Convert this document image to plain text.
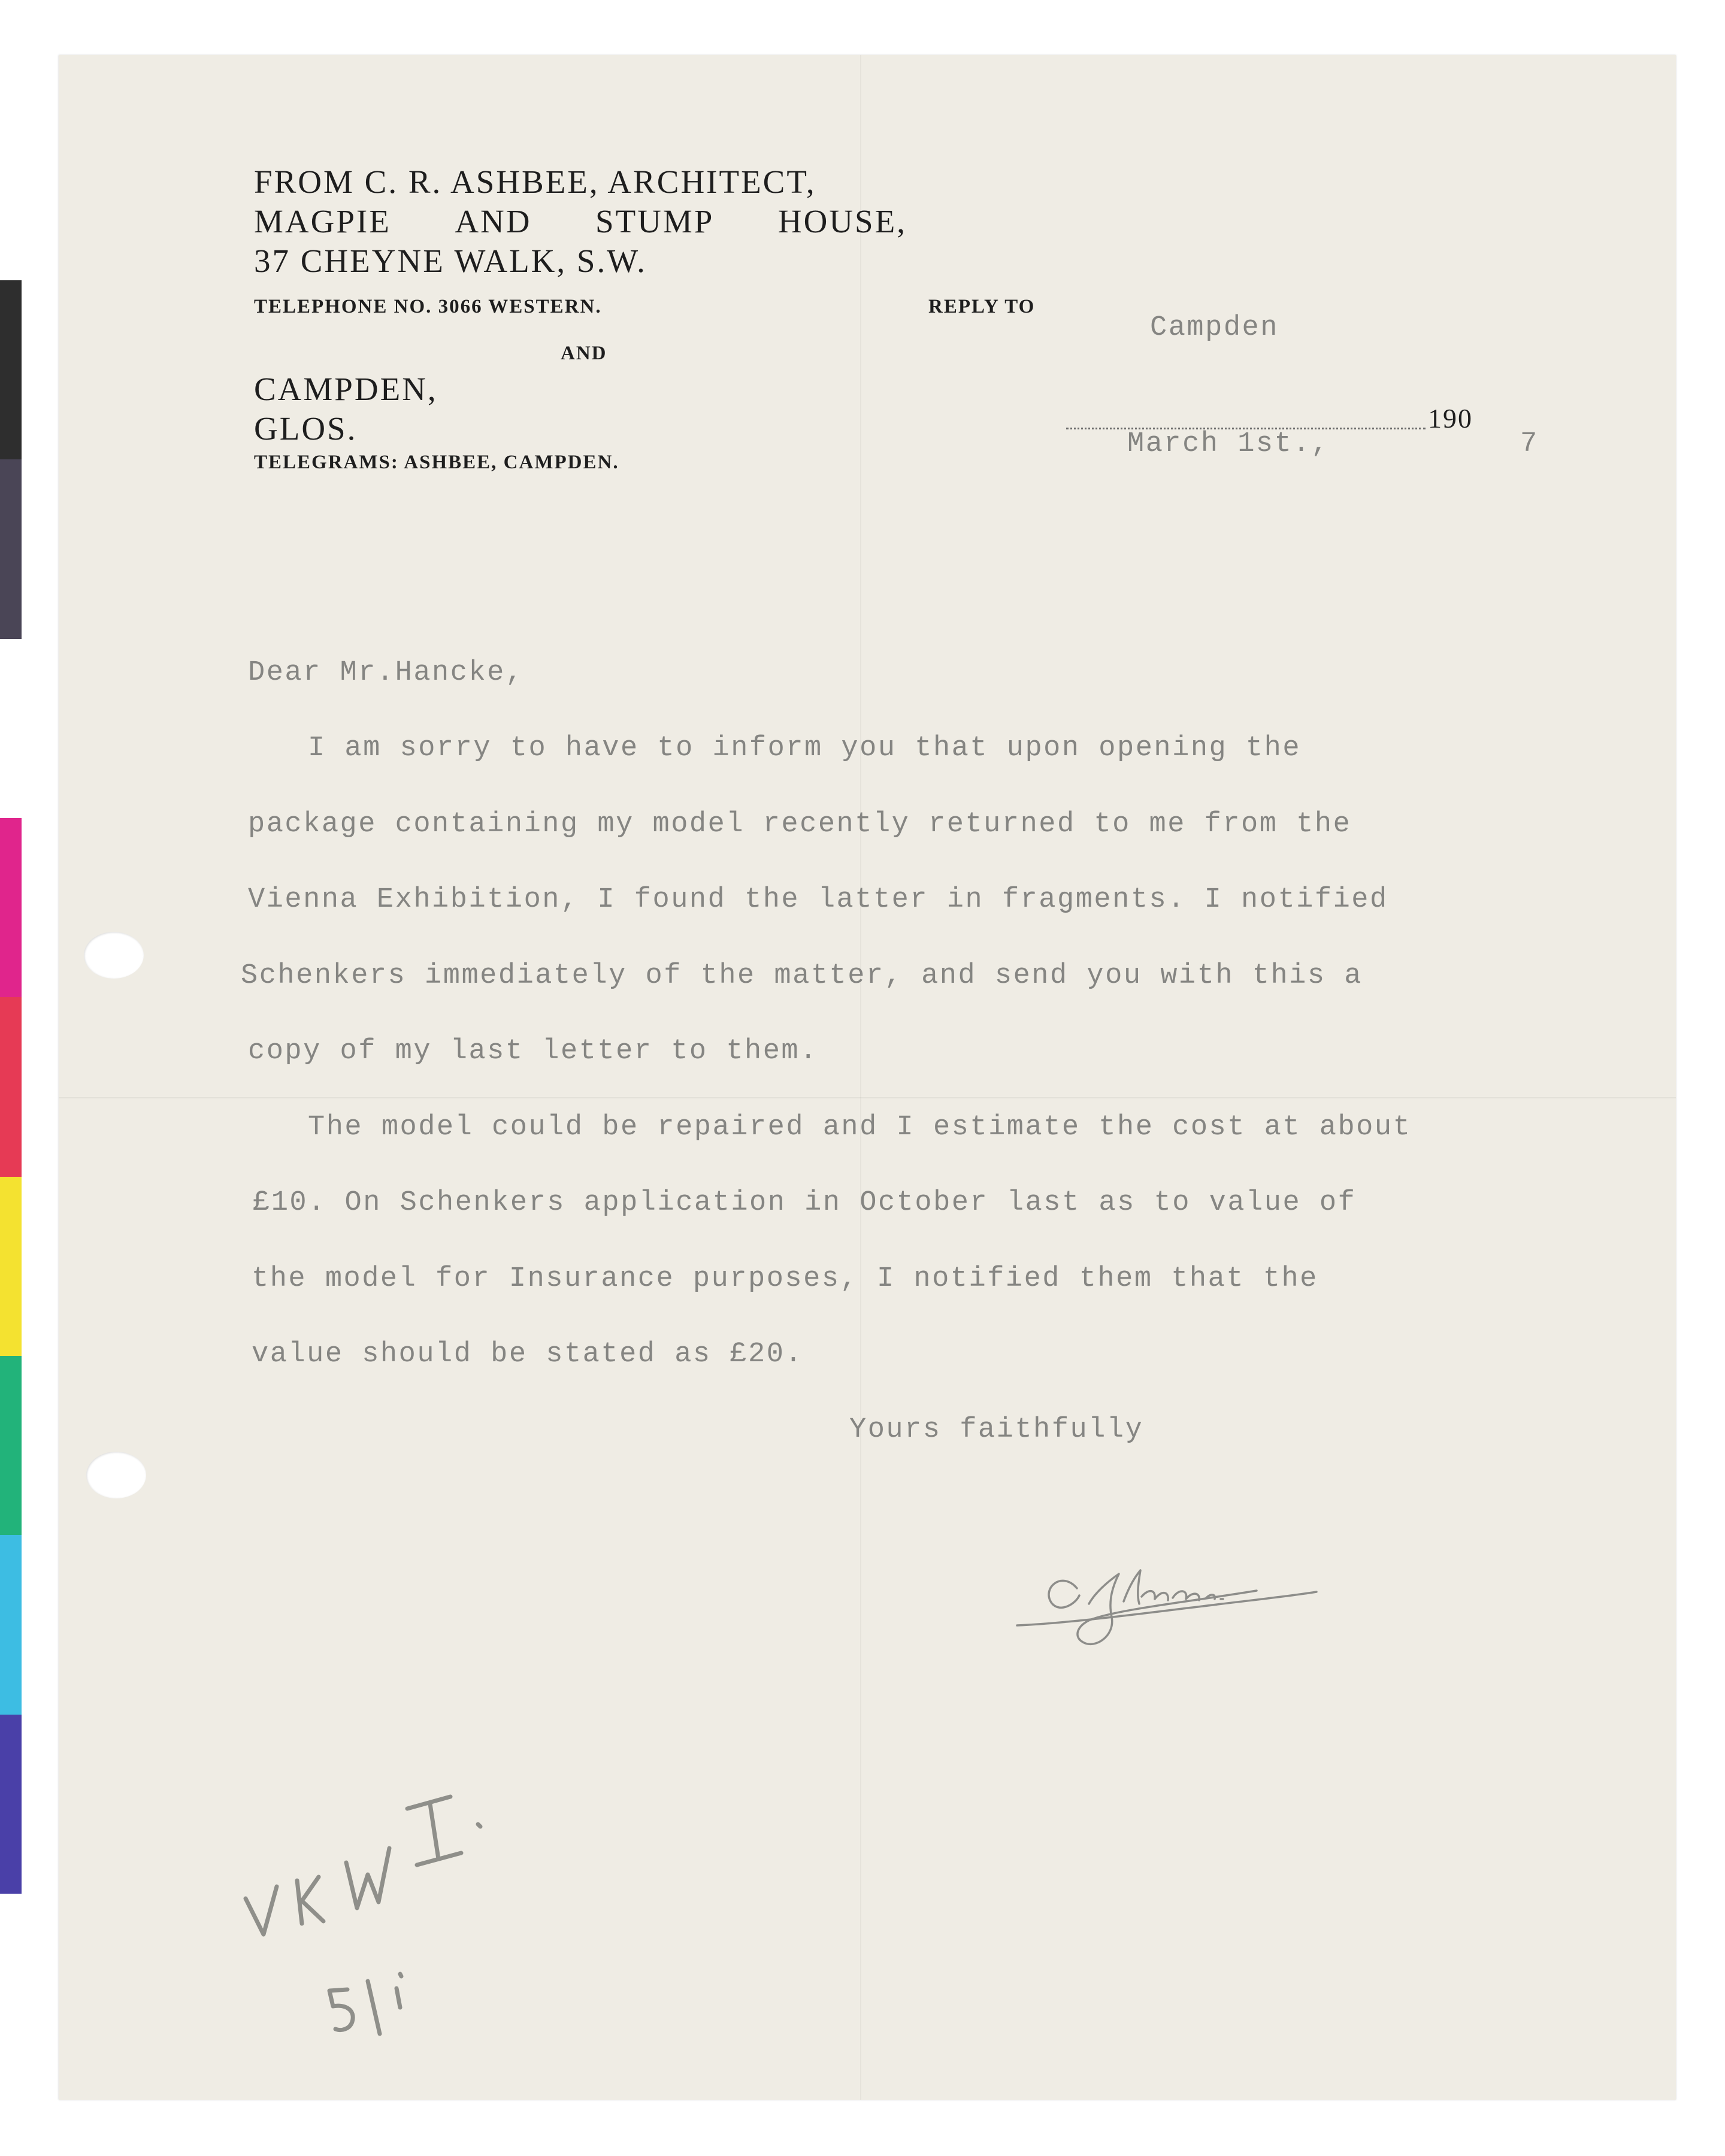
FROM C. R. ASHBEE, ARCHITECT,
MAGPIE AND STUMP HOUSE,
37 CHEYNE WALK, S.W.
TELEPHONE NO. 3066 WESTERN.
AND
REPLY TO
CAMPDEN,
GLOS.
TELEGRAMS: ASHBEE, CAMPDEN.
190
Campden
March 1st.,	7
Dear Mr.Hancke,
I am sorry to have to inform you that upon opening the
package containing my model recently returned to me from the
Vienna Exhibition, I found the latter in fragments. I notified
Schenkers immediately of the matter, and send you with this a
copy of my last letter to them.
The model could be repaired and I estimate the cost at about
£10. On Schenkers application in October last as to value of
the model for Insurance purposes, I notified them that the
value should be stated as £20.
Yours faithfully
